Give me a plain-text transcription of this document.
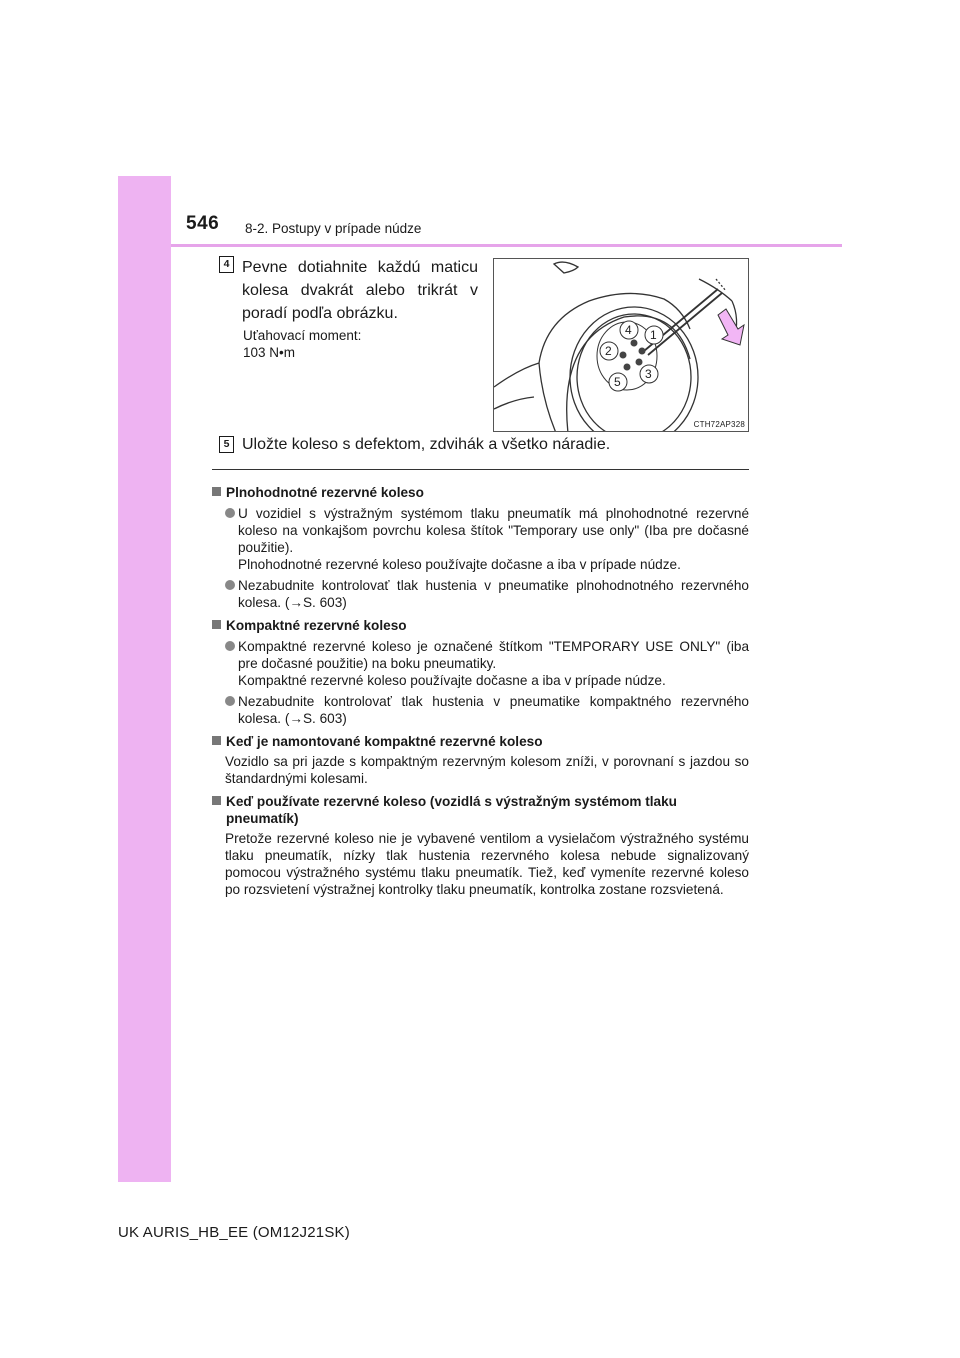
546 8-2. Postupy v prípade núdze
4 Pevne dotiahnite každú maticu kolesa dvakrát alebo trikrát v poradí podľa obrázku.
Uťahovací moment:
103 N•m
4 1
2
3
5
CTH72AP328
5 Uložte koleso s defektom, zdvihák a všetko náradie.
Plnohodnotné rezervné koleso
U vozidiel s výstražným systémom tlaku pneumatík má plnohodnotné rezervné koleso na vonkajšom povrchu kolesa štítok "Temporary use only" (Iba pre dočasné použitie).
Plnohodnotné rezervné koleso používajte dočasne a iba v prípade núdze.
Nezabudnite kontrolovať tlak hustenia v pneumatike plnohodnotného rezervného kolesa. (→S. 603)
Kompaktné rezervné koleso
Kompaktné rezervné koleso je označené štítkom "TEMPORARY USE ONLY" (iba pre dočasné použitie) na boku pneumatiky.
Kompaktné rezervné koleso používajte dočasne a iba v prípade núdze.
Nezabudnite kontrolovať tlak hustenia v pneumatike kompaktného rezervného kolesa. (→S. 603)
Keď je namontované kompaktné rezervné koleso
Vozidlo sa pri jazde s kompaktným rezervným kolesom zníži, v porovnaní s jazdou so štandardnými kolesami.
Keď používate rezervné koleso (vozidlá s výstražným systémom tlaku pneumatík)
Pretože rezervné koleso nie je vybavené ventilom a vysielačom výstražného systému tlaku pneumatík, nízky tlak hustenia rezervného kolesa nebude signalizovaný pomocou výstražného systému tlaku pneumatík. Tiež, keď vymeníte rezervné koleso po rozsvietení výstražnej kontrolky tlaku pneumatík, kontrolka zostane rozsvietená.
UK AURIS_HB_EE (OM12J21SK)
